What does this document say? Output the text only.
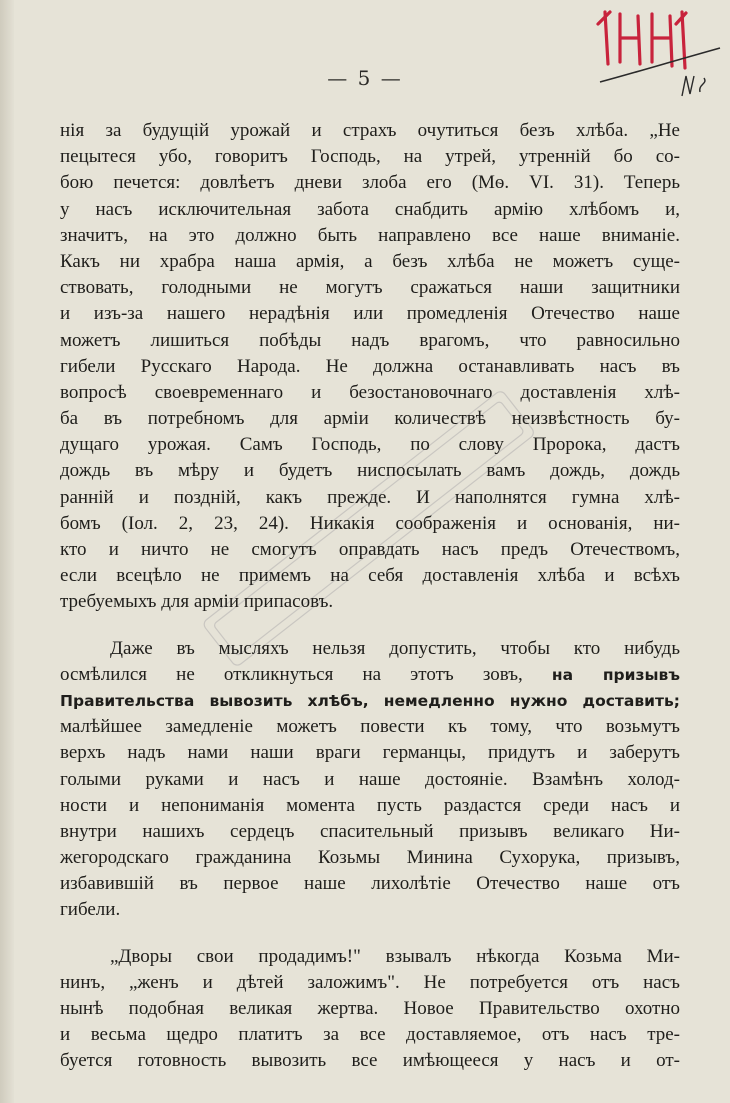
— 5 —
нія за будущій урожай и страхъ очутиться безъ хлѣба. „Не
пецытеся убо, говоритъ Господь, на утрей, утренній бо со-
бою печется: довлѣетъ дневи злоба его (Мѳ. VI. 31). Теперь
у насъ исключительная забота снабдить армію хлѣбомъ и,
значитъ, на это должно быть направлено все наше вниманіе.
Какъ ни храбра наша армія, а безъ хлѣба не можетъ суще-
ствовать, голодными не могутъ сражаться наши защитники
и изъ-за нашего нерадѣнія или промедленія Отечество наше
можетъ лишиться побѣды надъ врагомъ, что равносильно
гибели Русскаго Народа. Не должна останавливать насъ въ
вопросѣ своевременнаго и безостановочнаго доставленія хлѣ-
ба въ потребномъ для арміи количествѣ неизвѣстность бу-
дущаго урожая. Самъ Господь, по слову Пророка, дастъ
дождь въ мѣру и будетъ ниспосылать вамъ дождь, дождь
ранній и поздній, какъ прежде. И наполнятся гумна хлѣ-
бомъ (Іол. 2, 23, 24). Никакія соображенія и основанія, ни-
кто и ничто не смогутъ оправдать насъ предъ Отечествомъ,
если всецѣло не примемъ на себя доставленія хлѣба и всѣхъ
требуемыхъ для арміи припасовъ.
Даже въ мысляхъ нельзя допустить, чтобы кто нибудь
осмѣлился не откликнуться на этотъ зовъ, на призывъ
Прaвительства вывозить хлѣбъ, немедленно нужно доставить;
малѣйшее замедленіе можетъ повести къ тому, что возьмутъ
верхъ надъ нами наши враги германцы, придутъ и заберутъ
голыми руками и насъ и наше достояніе. Взамѣнъ холод-
ности и непониманія момента пусть раздастся среди насъ и
внутри нашихъ сердецъ спасительный призывъ великаго Ни-
жегородскаго гражданина Козьмы Минина Сухорука, призывъ,
избавившій въ первое наше лихолѣтіе Отечество наше отъ
гибели.
„Дворы свои продадимъ!" взывалъ нѣкогда Козьма Ми-
нинъ, „женъ и дѣтей заложимъ". Не потребуется отъ насъ
нынѣ подобная великая жертва. Новое Правительство охотно
и весьма щедро платитъ за все доставляемое, отъ насъ тре-
буется готовность вывозить все имѣющееся у насъ и от-
